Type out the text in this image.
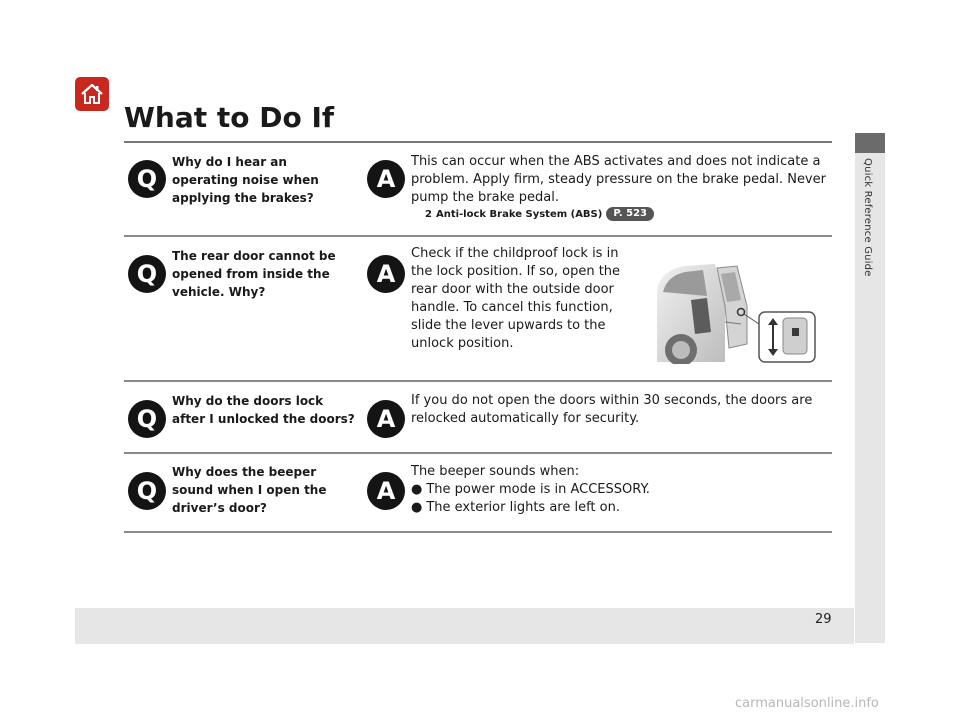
What to Do If
Quick Reference Guide
Q
Why do I hear an operating noise when applying the brakes?
A

This can occur when the ABS activates and does not indicate a problem. Apply firm, steady pressure on the brake pedal. Never pump the brake pedal.

2 Anti-lock Brake System (ABS)	P. 523
Q
The rear door cannot be opened from inside the vehicle. Why?
A

Check if the childproof lock is in the lock position. If so, open the rear door with the outside door handle. To cancel this function, slide the lever upwards to the unlock position.

Q
Why do the doors lock after I unlocked the doors? A

If you do not open the doors within 30 seconds, the doors are relocked automatically for security.

Q
Why does the beeper sound when I open the driver’s door?
A

The beeper sounds when:

● The power mode is in ACCESSORY.
● The exterior lights are left on.
29
carmanualsonline.info
